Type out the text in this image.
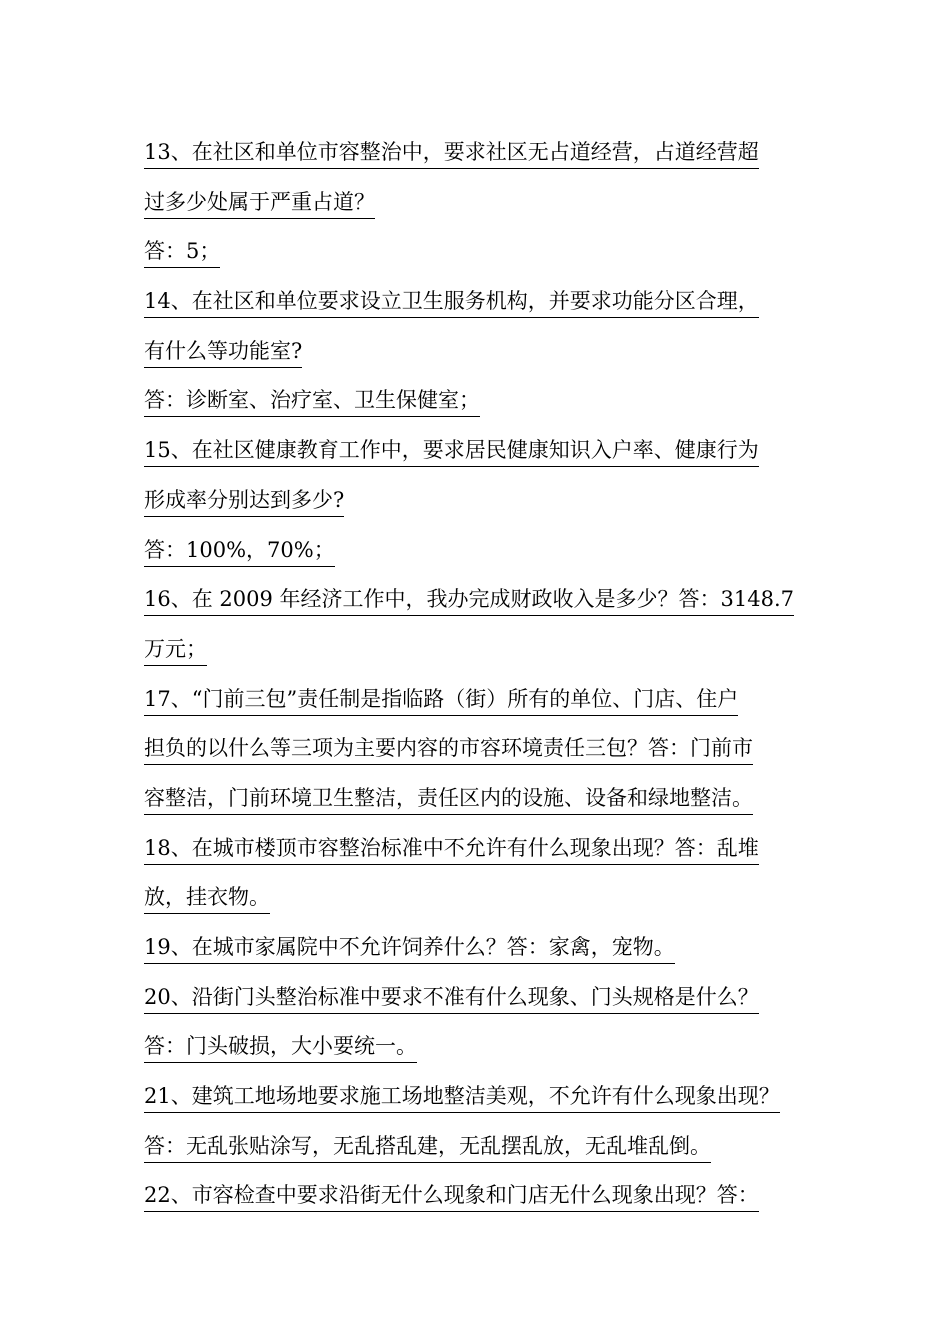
13、在社区和单位市容整治中，要求社区无占道经营，占道经营超
过多少处属于严重占道？
答：5；
14、在社区和单位要求设立卫生服务机构，并要求功能分区合理，
有什么等功能室?
答：诊断室、治疗室、卫生保健室；
15、在社区健康教育工作中，要求居民健康知识入户率、健康行为
形成率分别达到多少?
答：100%，70%；
16、在 2009 年经济工作中，我办完成财政收入是多少？答：3148.7
万元；
17、“门前三包”责任制是指临路（街）所有的单位、门店、住户
担负的以什么等三项为主要内容的市容环境责任三包？答：门前市
容整洁，门前环境卫生整洁，责任区内的设施、设备和绿地整洁。
18、在城市楼顶市容整治标准中不允许有什么现象出现？答：乱堆
放，挂衣物。
19、在城市家属院中不允许饲养什么？答：家禽，宠物。
20、沿街门头整治标准中要求不准有什么现象、门头规格是什么？
答：门头破损，大小要统一。
21、建筑工地场地要求施工场地整洁美观，不允许有什么现象出现？
答：无乱张贴涂写，无乱搭乱建，无乱摆乱放，无乱堆乱倒。
22、市容检查中要求沿街无什么现象和门店无什么现象出现？答：
